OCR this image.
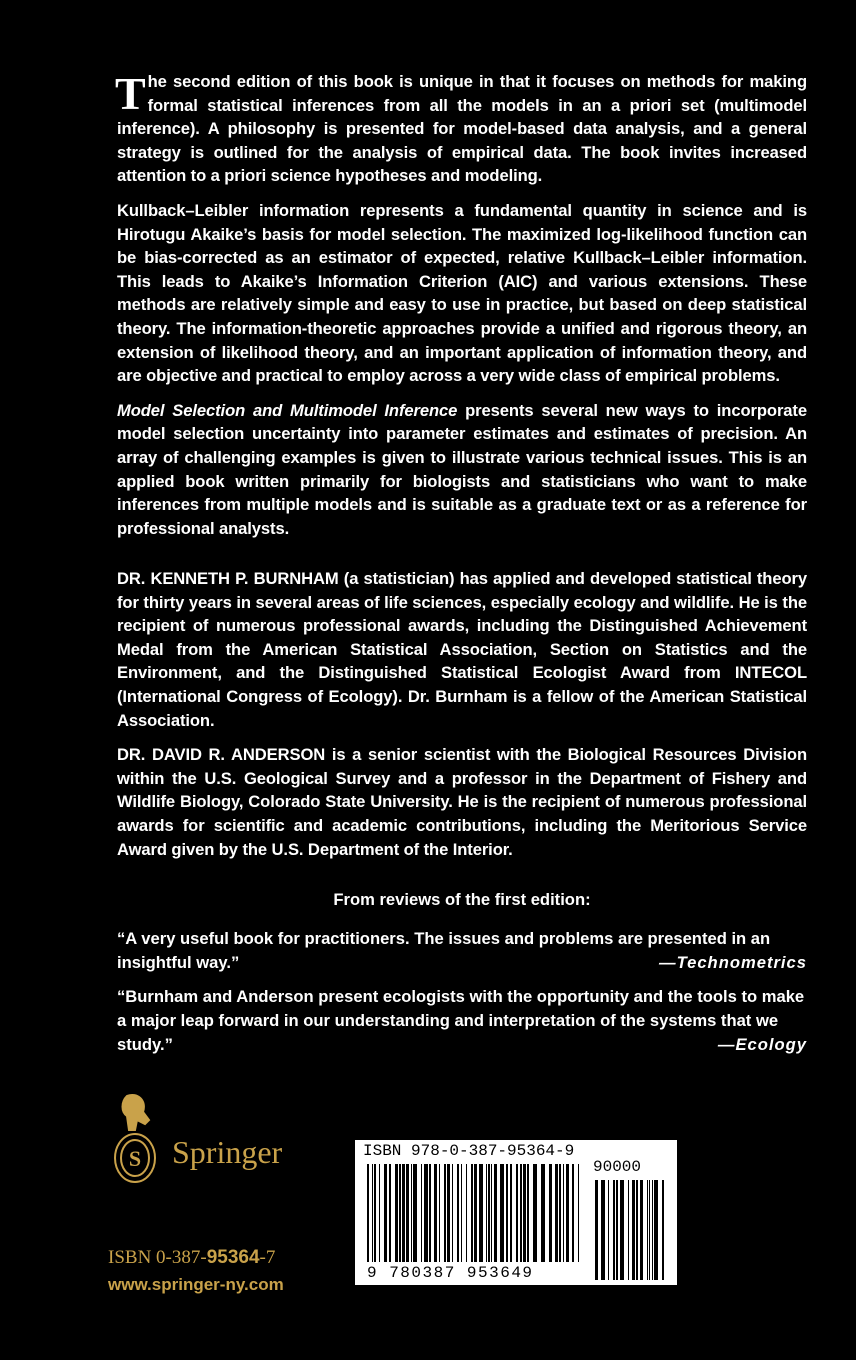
The second edition of this book is unique in that it focuses on methods for making formal statistical inferences from all the models in an a priori set (multimodel inference). A philosophy is presented for model-based data analysis, and a general strategy is outlined for the analysis of empirical data. The book invites increased attention to a priori science hypotheses and modeling.

Kullback–Leibler information represents a fundamental quantity in science and is Hirotugu Akaike’s basis for model selection. The maximized log-likelihood function can be bias-corrected as an estimator of expected, relative Kullback–Leibler information. This leads to Akaike’s Information Criterion (AIC) and various extensions. These methods are relatively simple and easy to use in practice, but based on deep statistical theory. The information-theoretic approaches provide a unified and rigorous theory, an extension of likelihood theory, and an important application of information theory, and are objective and practical to employ across a very wide class of empirical problems.

Model Selection and Multimodel Inference presents several new ways to incorporate model selection uncertainty into parameter estimates and estimates of precision. An array of challenging examples is given to illustrate various technical issues. This is an applied book written primarily for biologists and statisticians who want to make inferences from multiple models and is suitable as a graduate text or as a reference for professional analysts.

DR. KENNETH P. BURNHAM (a statistician) has applied and developed statistical theory for thirty years in several areas of life sciences, especially ecology and wildlife. He is the recipient of numerous professional awards, including the Distinguished Achievement Medal from the American Statistical Association, Section on Statistics and the Environment, and the Distinguished Statistical Ecologist Award from INTECOL (International Congress of Ecology). Dr. Burnham is a fellow of the American Statistical Association.

DR. DAVID R. ANDERSON is a senior scientist with the Biological Resources Division within the U.S. Geological Survey and a professor in the Department of Fishery and Wildlife Biology, Colorado State University. He is the recipient of numerous professional awards for scientific and academic contributions, including the Meritorious Service Award given by the U.S. Department of the Interior.

From reviews of the first edition:
“A very useful book for practitioners. The issues and problems are presented in an insightful way.”	—Technometrics
“Burnham and Anderson present ecologists with the opportunity and the tools to make a major leap forward in our understanding and interpretation of the systems that we study.”	—Ecology
S Springer
ISBN 0-387-95364-7
www.springer-ny.com
ISBN 978-0-387-95364-9
90000
9 780387 953649
